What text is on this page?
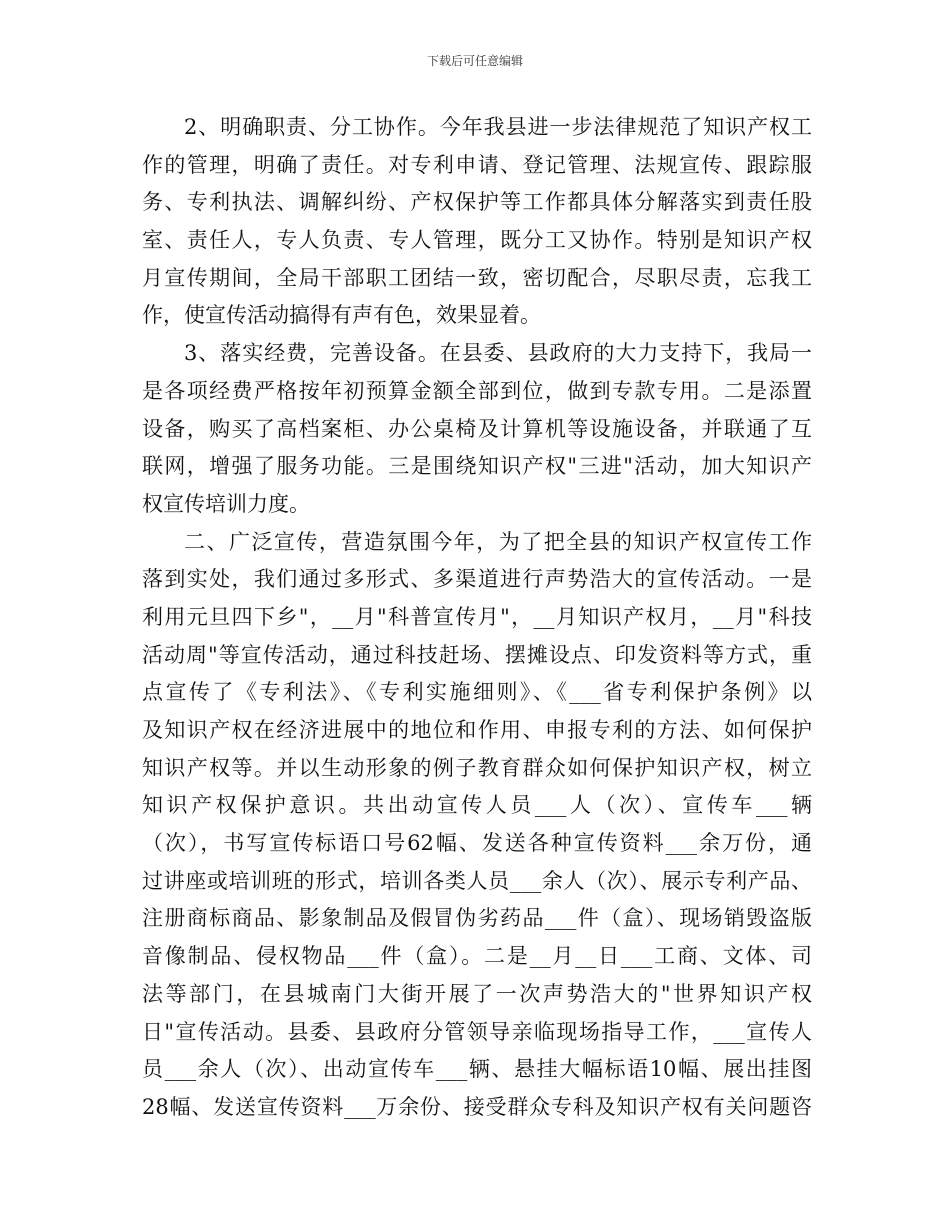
下载后可任意编辑
2、明确职责、分工协作。今年我县进一步法律规范了知识产权工
作的管理，明确了责任。对专利申请、登记管理、法规宣传、跟踪服
务、专利执法、调解纠纷、产权保护等工作都具体分解落实到责任股
室、责任人，专人负责、专人管理，既分工又协作。特别是知识产权
月宣传期间，全局干部职工团结一致，密切配合，尽职尽责，忘我工
作，使宣传活动搞得有声有色，效果显着。
3、落实经费，完善设备。在县委、县政府的大力支持下，我局一
是各项经费严格按年初预算金额全部到位，做到专款专用。二是添置
设备，购买了高档案柜、办公桌椅及计算机等设施设备，并联通了互
联网，增强了服务功能。三是围绕知识产权"三进"活动，加大知识产
权宣传培训力度。
二、广泛宣传，营造氛围今年，为了把全县的知识产权宣传工作
落到实处，我们通过多形式、多渠道进行声势浩大的宣传活动。一是
利用元旦四下乡"，__月"科普宣传月"，__月知识产权月，__月"科技
活动周"等宣传活动，通过科技赶场、摆摊设点、印发资料等方式，重
点宣传了《专利法》、《专利实施细则》、《___省专利保护条例》以
及知识产权在经济进展中的地位和作用、申报专利的方法、如何保护
知识产权等。并以生动形象的例子教育群众如何保护知识产权，树立
知识产权保护意识。共出动宣传人员___人（次）、宣传车___辆
（次），书写宣传标语口号62幅、发送各种宣传资料___余万份，通
过讲座或培训班的形式，培训各类人员___余人（次）、展示专利产品、
注册商标商品、影象制品及假冒伪劣药品___件（盒）、现场销毁盗版
音像制品、侵权物品___件（盒）。二是__月__日___工商、文体、司
法等部门，在县城南门大街开展了一次声势浩大的"世界知识产权
日"宣传活动。县委、县政府分管领导亲临现场指导工作，___宣传人
员___余人（次）、出动宣传车___辆、悬挂大幅标语10幅、展出挂图
28幅、发送宣传资料___万余份、接受群众专科及知识产权有关问题咨
